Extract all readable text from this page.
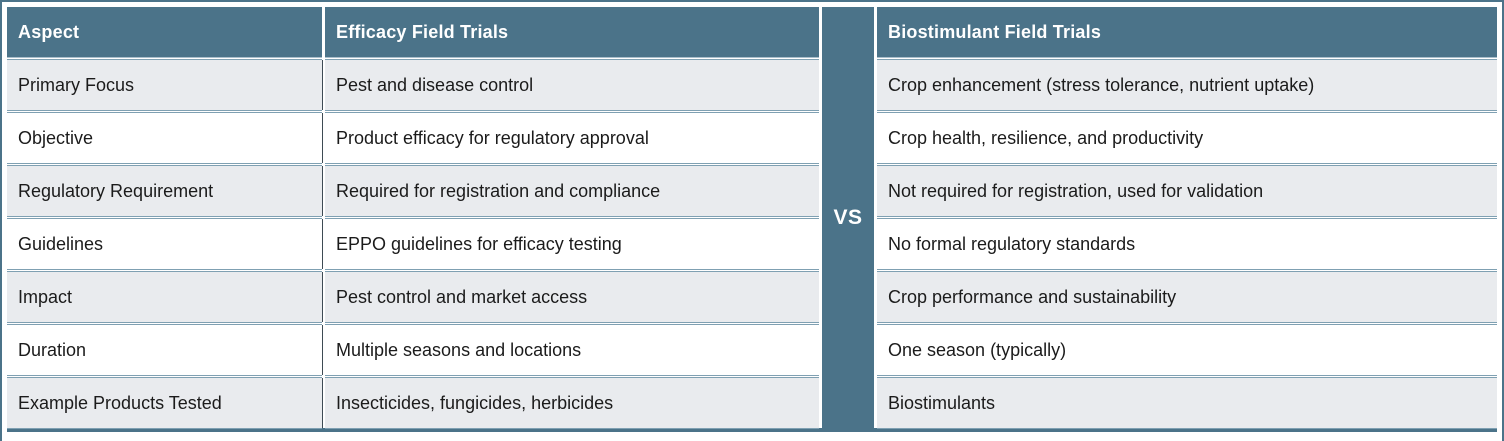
Aspect	Efficacy Field Trials	Biostimulant Field Trials
VS
Primary Focus	Pest and disease control	Crop enhancement (stress tolerance, nutrient uptake)
Objective	Product efficacy for regulatory approval	Crop health, resilience, and productivity
Regulatory Requirement	Required for registration and compliance	Not required for registration, used for validation
Guidelines	EPPO guidelines for efficacy testing	No formal regulatory standards
Impact	Pest control and market access	Crop performance and sustainability
Duration	Multiple seasons and locations	One season (typically)
Example Products Tested	Insecticides, fungicides, herbicides	Biostimulants
